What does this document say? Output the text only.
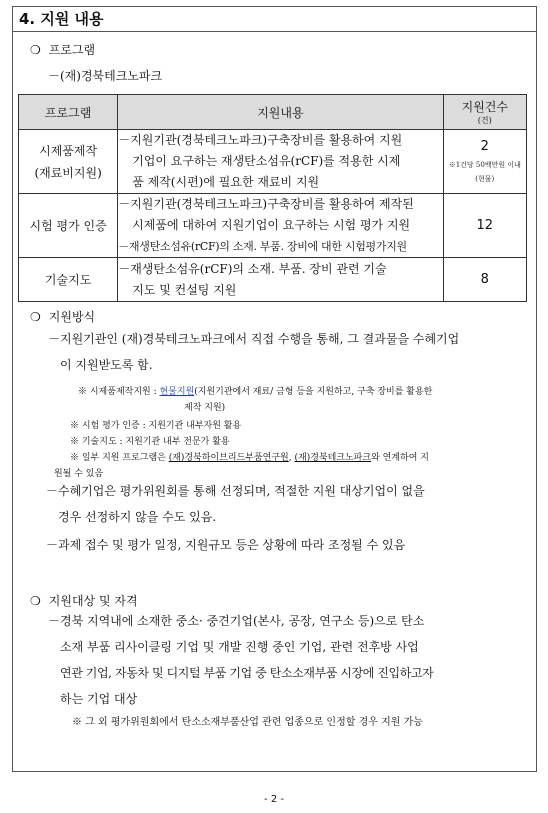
4. 지원 내용
❍ 프로그램
－(재)경북테크노파크
프로그램	지원내용	지원건수
(건)

시제품제작
(재료비지원)	－지원기관(경북테크노파크)구축장비를 활용하여 지원
기업이 요구하는 재생탄소섬유(rCF)를 적용한 시제
품 제작(시편)에 필요한 재료비 지원	2
※1건당 50백만원 이내
(현물)

시험 평가 인증	－지원기관(경북테크노파크)구축장비를 활용하여 제작된
시제품에 대하여 지원기업이 요구하는 시험 평가 지원
－재생탄소섬유(rCF)의 소재. 부품. 장비에 대한 시험평가지원	12
기술지도	－재생탄소섬유(rCF)의 소재. 부품. 장비 관련 기술
지도 및 컨설팅 지원	8
❍ 지원방식
－지원기관인 (재)경북테크노파크에서 직접 수행을 통해, 그 결과물을 수혜기업
이 지원받도록 함.
※ 시제품제작지원 : 현물지원(지원기관에서 재료/ 금형 등을 지원하고, 구축 장비를 활용한
제작 지원)
※ 시험 평가 인증 : 지원기관 내부자원 활용
※ 기술지도 : 지원기관 내부 전문가 활용
※ 일부 지원 프로그램은 (재)경북하이브리드부품연구원, (재)경북테크노파크와 연계하여 지
원될 수 있음
－수혜기업은 평가위원회를 통해 선정되며, 적절한 지원 대상기업이 없을
경우 선정하지 않을 수도 있음.
－과제 접수 및 평가 일정, 지원규모 등은 상황에 따라 조정될 수 있음
❍ 지원대상 및 자격
－경북 지역내에 소재한 중소· 중견기업(본사, 공장, 연구소 등)으로 탄소
소재 부품 리사이클링 기업 및 개발 진행 중인 기업, 관련 전후방 사업
연관 기업, 자동차 및 디지털 부품 기업 중 탄소소재부품 시장에 진입하고자
하는 기업 대상
※ 그 외 평가위원회에서 탄소소재부품산업 관련 업종으로 인정할 경우 지원 가능
- 2 -
